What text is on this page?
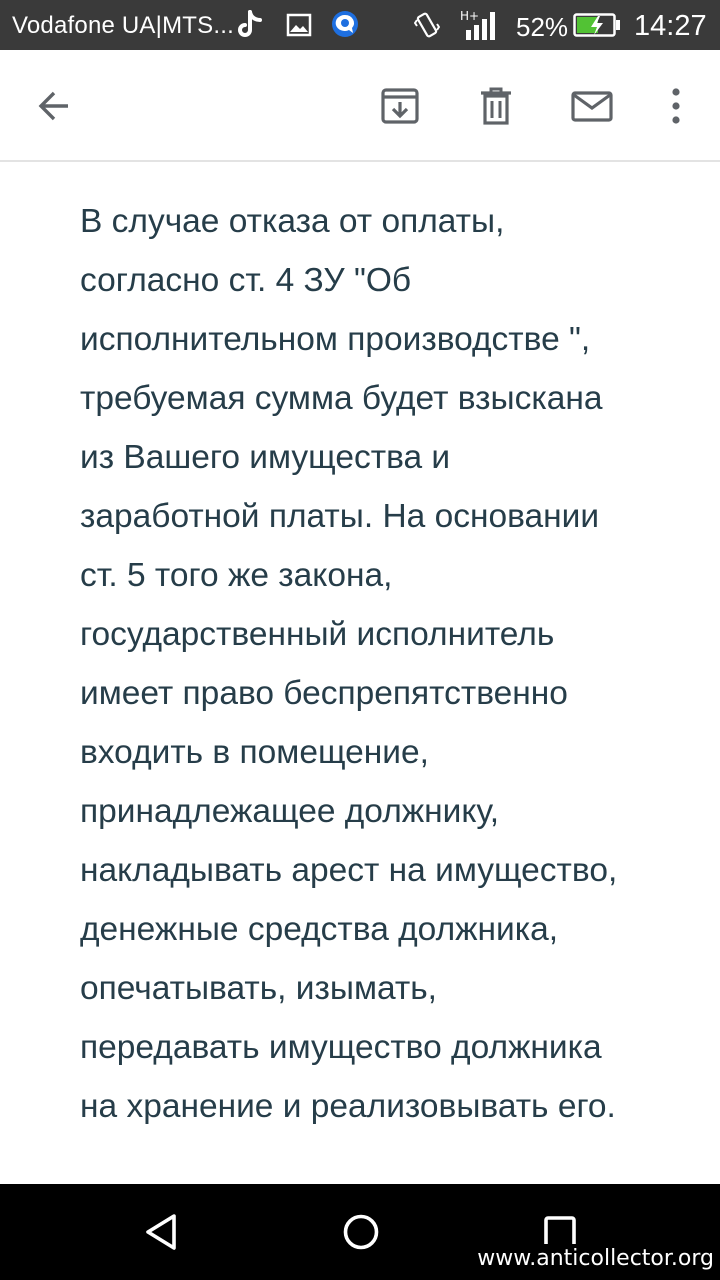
Vodafone UA|MTS...	H+ 52% 14:27
В случае отказа от оплаты,
согласно ст. 4 ЗУ "Об
исполнительном производстве ",
требуемая сумма будет взыскана
из Вашего имущества и
заработной платы. На основании
ст. 5 того же закона,
государственный исполнитель
имеет право беспрепятственно
входить в помещение,
принадлежащее должнику,
накладывать арест на имущество,
денежные средства должника,
опечатывать, изымать,
передавать имущество должника
на хранение и реализовывать его.
www.anticollector.org
